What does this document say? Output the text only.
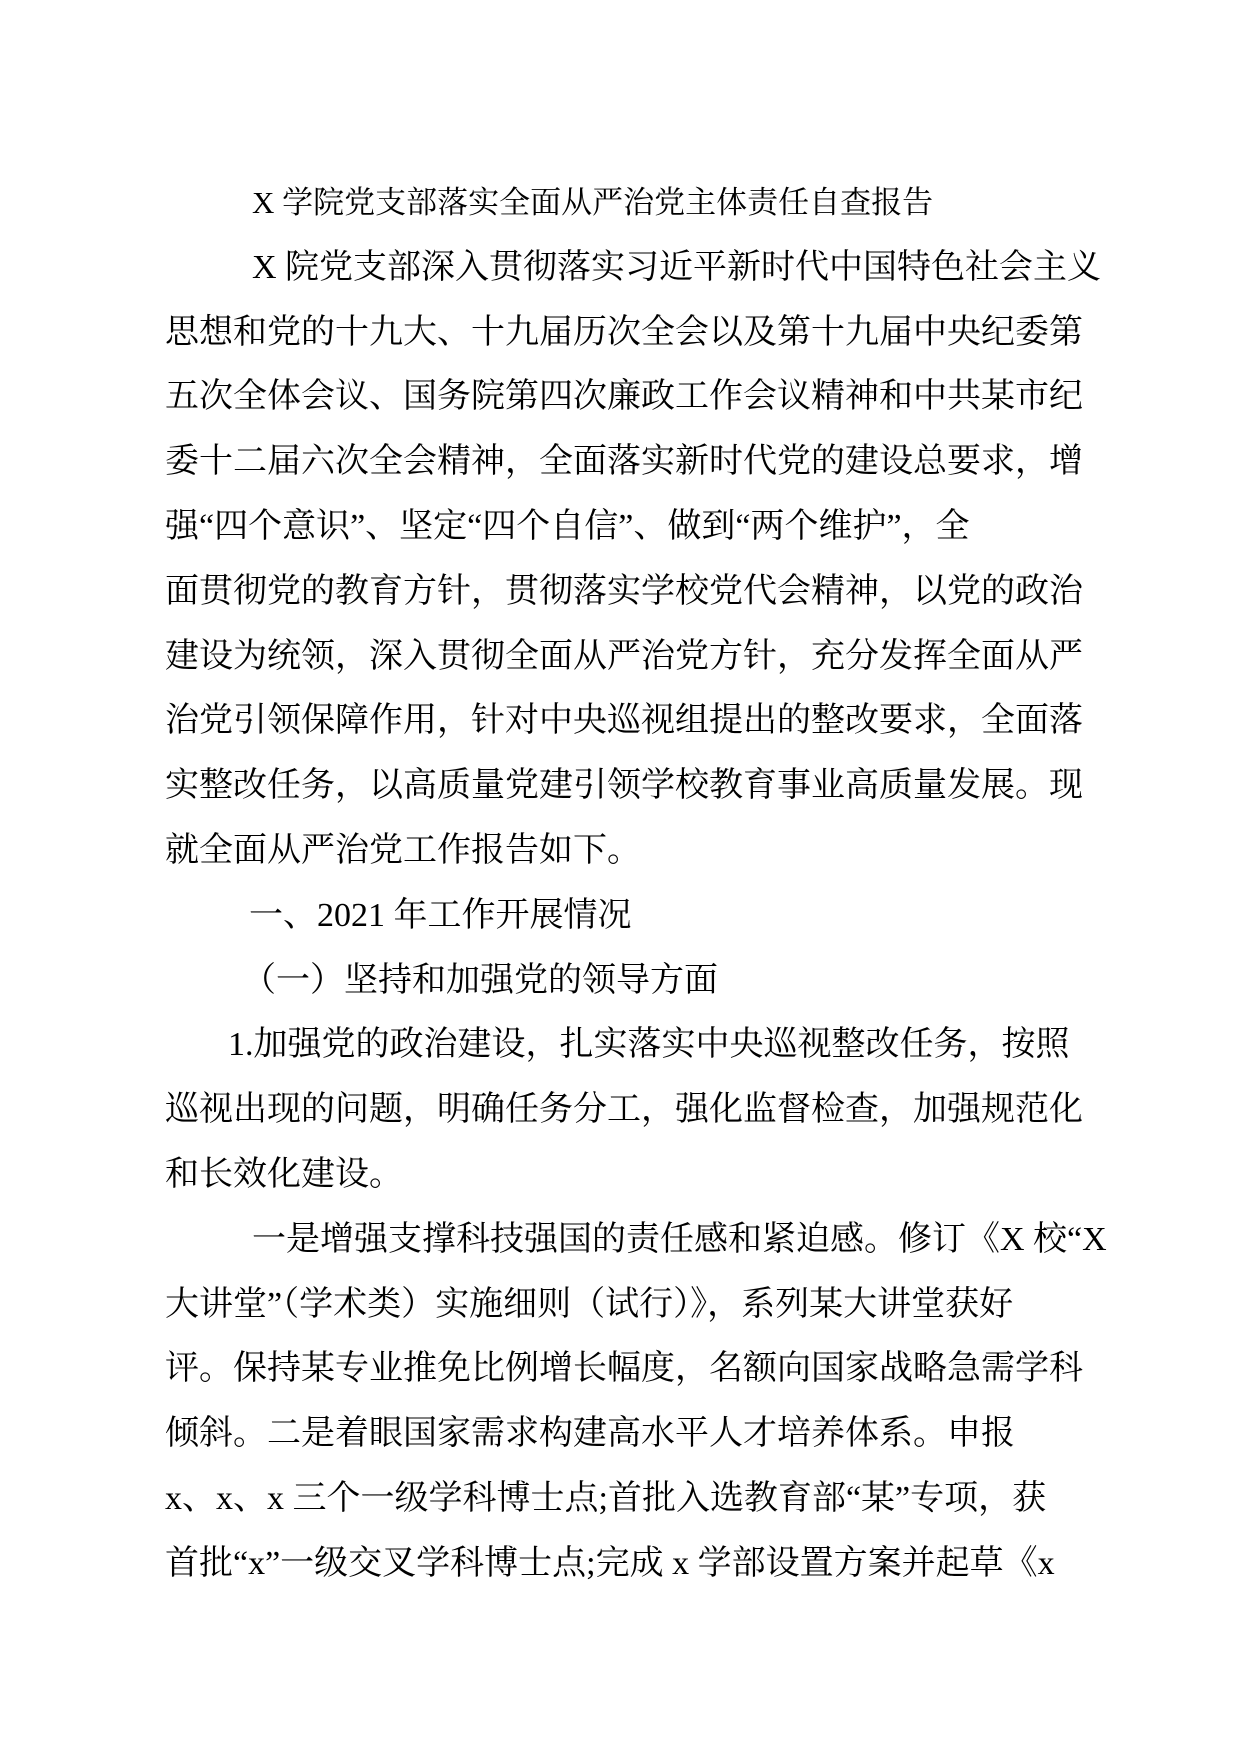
X 学院党支部落实全面从严治党主体责任自查报告
X 院党支部深入贯彻落实习近平新时代中国特色社会主义
思想和党的十九大、十九届历次全会以及第十九届中央纪委第
五次全体会议、国务院第四次廉政工作会议精神和中共某市纪
委十二届六次全会精神，全面落实新时代党的建设总要求，增
强“四个意识”、坚定“四个自信”、做到“两个维护”，全
面贯彻党的教育方针，贯彻落实学校党代会精神，以党的政治
建设为统领，深入贯彻全面从严治党方针，充分发挥全面从严
治党引领保障作用，针对中央巡视组提出的整改要求，全面落
实整改任务，以高质量党建引领学校教育事业高质量发展。现
就全面从严治党工作报告如下。
一、2021 年工作开展情况
（一）坚持和加强党的领导方面
1.加强党的政治建设，扎实落实中央巡视整改任务，按照
巡视出现的问题，明确任务分工，强化监督检查，加强规范化
和长效化建设。
一是增强支撑科技强国的责任感和紧迫感。修订《X 校“X
大讲堂”（学术类）实施细则（试行）》，系列某大讲堂获好
评。保持某专业推免比例增长幅度，名额向国家战略急需学科
倾斜。二是着眼国家需求构建高水平人才培养体系。申报
x、x、x 三个一级学科博士点;首批入选教育部“某”专项，获
首批“x”一级交叉学科博士点;完成 x 学部设置方案并起草《x
